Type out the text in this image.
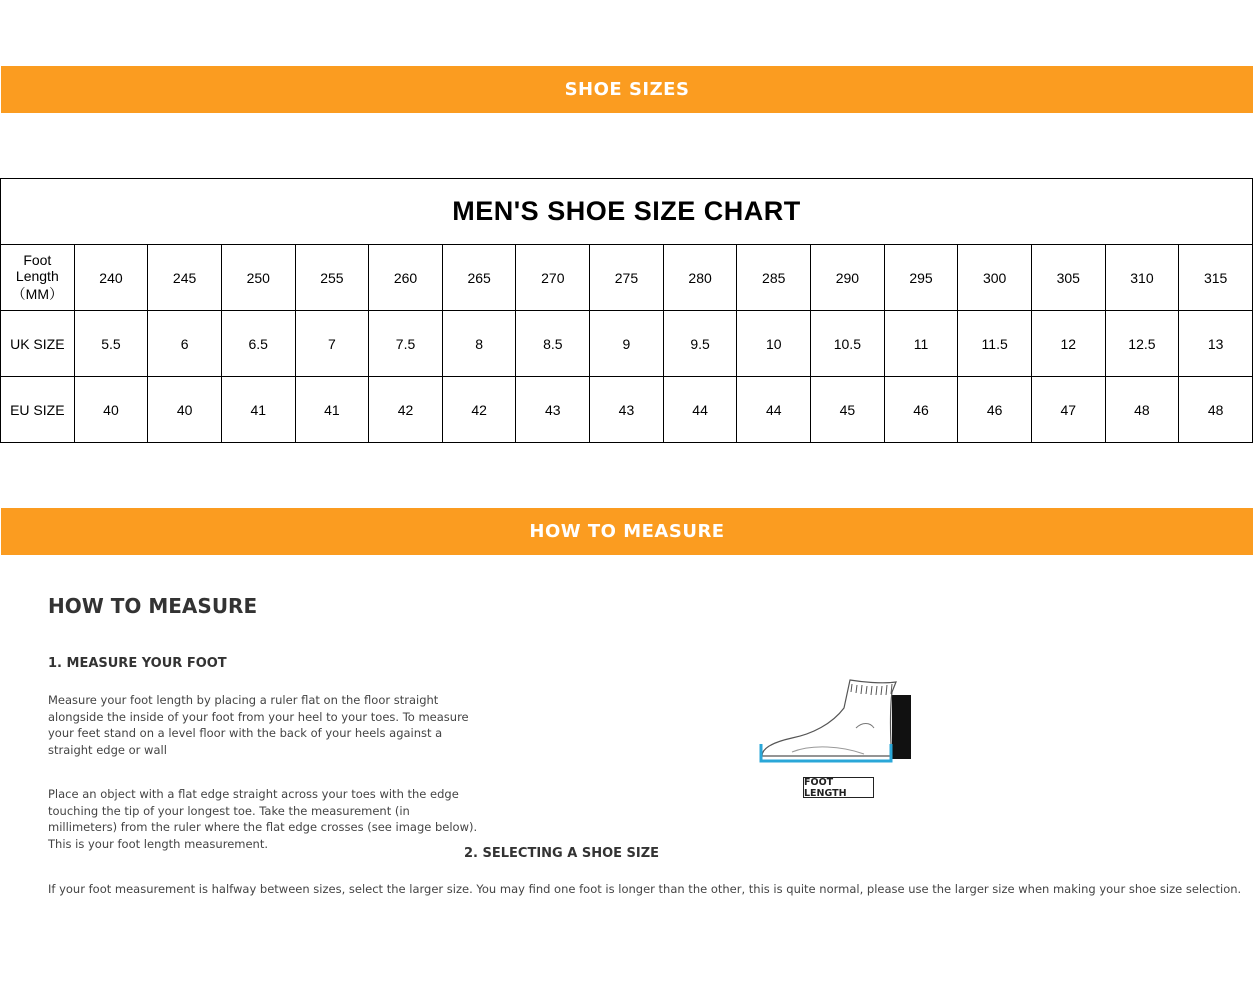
SHOE SIZES
MEN'S SHOE SIZE CHART																
Foot Length（MM）	240	245	250	255	260	265	270	275	280	285	290	295	300	305	310	315
UK SIZE	5.5	6	6.5	7	7.5	8	8.5	9	9.5	10	10.5	11	11.5	12	12.5	13
EU SIZE	40	40	41	41	42	42	43	43	44	44	45	46	46	47	48	48
HOW TO MEASURE
HOW TO MEASURE
1. MEASURE YOUR FOOT
Measure your foot length by placing a ruler flat on the floor straight alongside the inside of your foot from your heel to your toes. To measure your feet stand on a level floor with the back of your heels against a straight edge or wall
Place an object with a flat edge straight across your toes with the edge touching the tip of your longest toe. Take the measurement (in millimeters) from the ruler where the flat edge crosses (see image below). This is your foot length measurement.
2. SELECTING A SHOE SIZE
If your foot measurement is halfway between sizes, select the larger size. You may find one foot is longer than the other, this is quite normal, please use the larger size when making your shoe size selection.
FOOT LENGTH
